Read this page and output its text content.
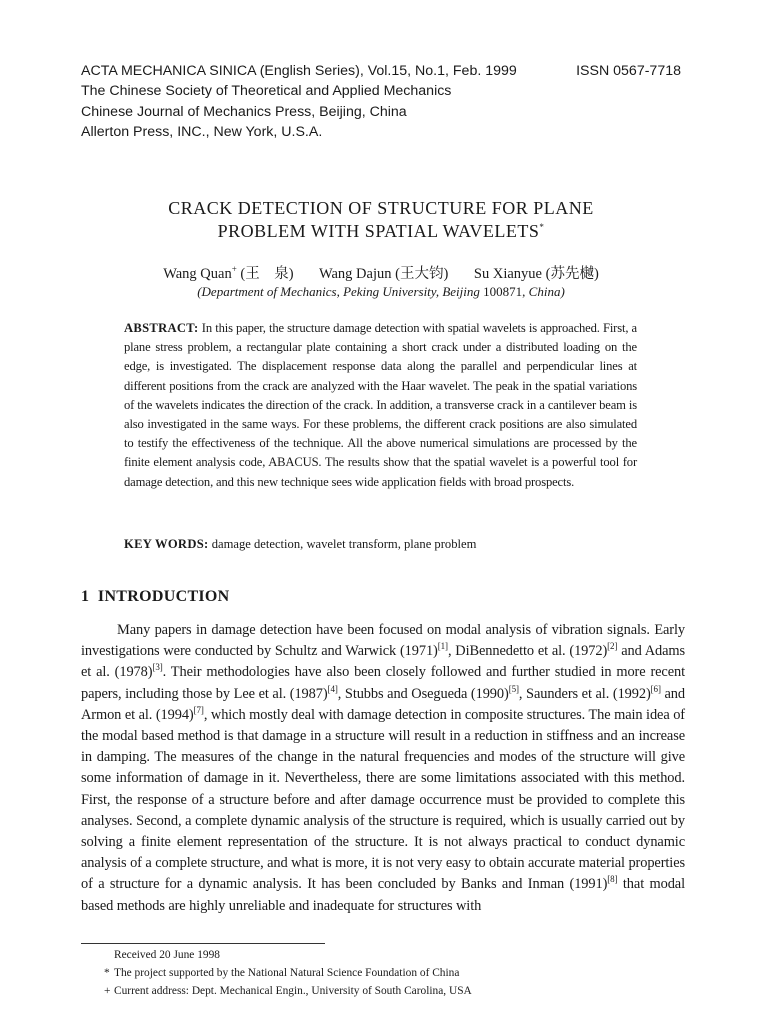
ACTA MECHANICA SINICA (English Series), Vol.15, No.1, Feb. 1999	ISSN 0567-7718
The Chinese Society of Theoretical and Applied Mechanics
Chinese Journal of Mechanics Press, Beijing, China
Allerton Press, INC., New York, U.S.A.
CRACK DETECTION OF STRUCTURE FOR PLANE
PROBLEM WITH SPATIAL WAVELETS*
Wang Quan+ (王　泉) Wang Dajun (王大钧) Su Xianyue (苏先樾)
(Department of Mechanics, Peking University, Beijing 100871, China)
ABSTRACT: In this paper, the structure damage detection with spatial wavelets is approached. First, a plane stress problem, a rectangular plate containing a short crack under a distributed loading on the edge, is investigated. The displacement response data along the parallel and perpendicular lines at different positions from the crack are analyzed with the Haar wavelet. The peak in the spatial variations of the wavelets indicates the direction of the crack. In addition, a transverse crack in a cantilever beam is also investigated in the same ways. For these problems, the different crack positions are also simulated to testify the effectiveness of the technique. All the above numerical simulations are processed by the finite element analysis code, ABACUS. The results show that the spatial wavelet is a powerful tool for damage detection, and this new technique sees wide application fields with broad prospects.
KEY WORDS: damage detection, wavelet transform, plane problem
1 INTRODUCTION

Many papers in damage detection have been focused on modal analysis of vibration signals. Early investigations were conducted by Schultz and Warwick (1971)[1], DiBennedetto et al. (1972)[2] and Adams et al. (1978)[3]. Their methodologies have also been closely followed and further studied in more recent papers, including those by Lee et al. (1987)[4], Stubbs and Osegueda (1990)[5], Saunders et al. (1992)[6] and Armon et al. (1994)[7], which mostly deal with damage detection in composite structures. The main idea of the modal based method is that damage in a structure will result in a reduction in stiffness and an increase in damping. The measures of the change in the natural frequencies and modes of the structure will give some information of damage in it. Nevertheless, there are some limitations associated with this method. First, the response of a structure before and after damage occurrence must be provided to complete this analyses. Second, a complete dynamic analysis of the structure is required, which is usually carried out by solving a finite element representation of the structure. It is not always practical to conduct dynamic analysis of a complete structure, and what is more, it is not very easy to obtain accurate material properties of a structure for a dynamic analysis. It has been concluded by Banks and Inman (1991)[8] that modal based methods are highly unreliable and inadequate for structures with

Received 20 June 1998
* The project supported by the National Natural Science Foundation of China
+ Current address: Dept. Mechanical Engin., University of South Carolina, USA
